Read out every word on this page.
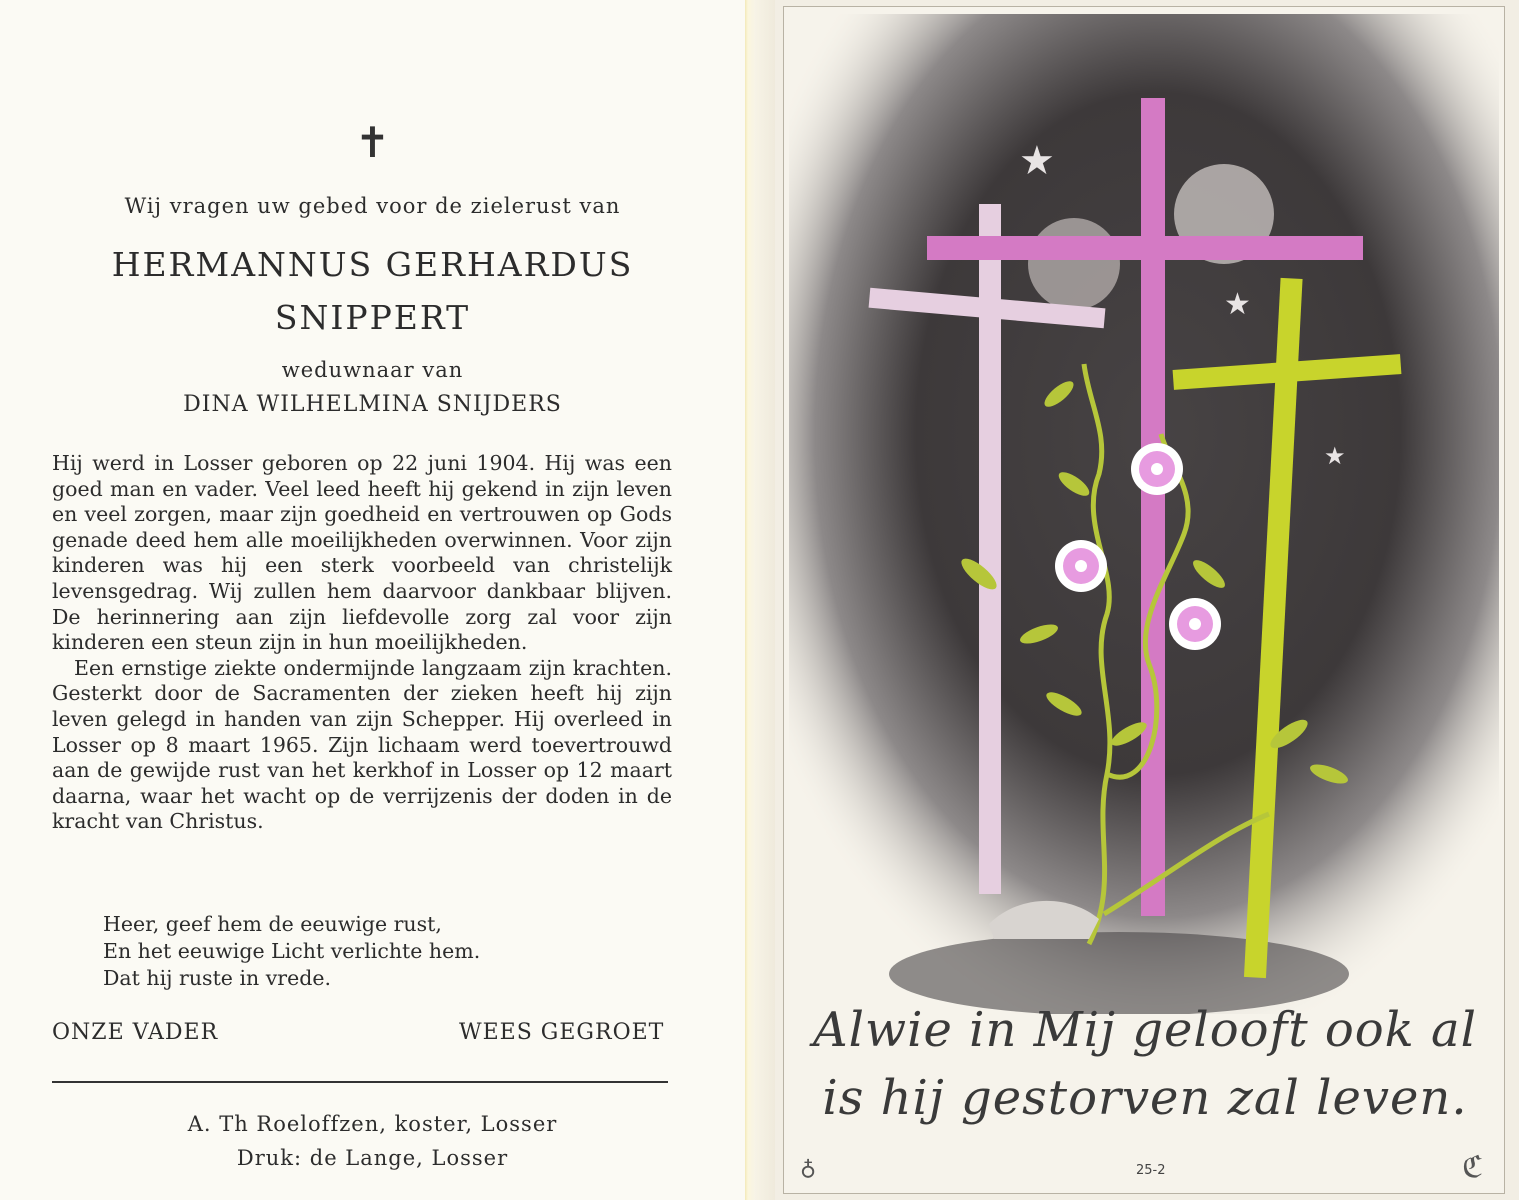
✝
Wij vragen uw gebed voor de zielerust van
HERMANNUS GERHARDUS
SNIPPERT
weduwnaar van
DINA WILHELMINA SNIJDERS

Hij werd in Losser geboren op 22 juni 1904. Hij was een goed man en vader. Veel leed heeft hij gekend in zijn leven en veel zorgen, maar zijn goedheid en vertrouwen op Gods genade deed hem alle moeilijkheden overwinnen. Voor zijn kinderen was hij een sterk voorbeeld van christelijk levensgedrag. Wij zullen hem daarvoor dankbaar blijven. De herinnering aan zijn liefdevolle zorg zal voor zijn kinderen een steun zijn in hun moeilijkheden.

Een ernstige ziekte ondermijnde langzaam zijn krachten. Gesterkt door de Sacramenten der zieken heeft hij zijn leven gelegd in handen van zijn Schepper. Hij overleed in Losser op 8 maart 1965. Zijn lichaam werd toevertrouwd aan de gewijde rust van het kerkhof in Losser op 12 maart daarna, waar het wacht op de verrijzenis der doden in de kracht van Christus.

Heer, geef hem de eeuwige rust,
En het eeuwige Licht verlichte hem.
Dat hij ruste in vrede.
ONZE VADER	WEES GEGROET
A. Th Roeloffzen, koster, Losser
Druk: de Lange, Losser
★
★
★
Alwie in Mij gelooft ook al
is hij gestorven zal leven.
25-2
♁	ℭ
